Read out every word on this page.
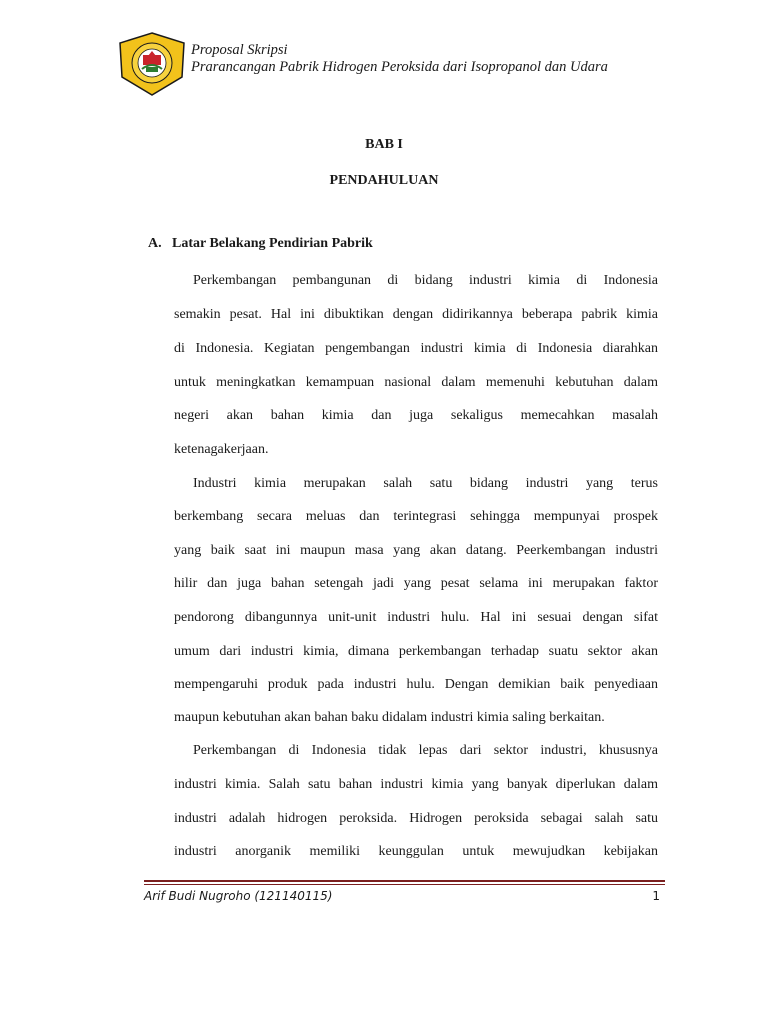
Proposal Skripsi
Prarancangan Pabrik Hidrogen Peroksida dari Isopropanol dan Udara
BAB I
PENDAHULUAN
A. Latar Belakang Pendirian Pabrik
Perkembangan pembangunan di bidang industri kimia di Indonesia
semakin pesat. Hal ini dibuktikan dengan didirikannya beberapa pabrik kimia
di Indonesia. Kegiatan pengembangan industri kimia di Indonesia diarahkan
untuk meningkatkan kemampuan nasional dalam memenuhi kebutuhan dalam
negeri akan bahan kimia dan juga sekaligus memecahkan masalah
ketenagakerjaan.
Industri kimia merupakan salah satu bidang industri yang terus
berkembang secara meluas dan terintegrasi sehingga mempunyai prospek
yang baik saat ini maupun masa yang akan datang. Peerkembangan industri
hilir dan juga bahan setengah jadi yang pesat selama ini merupakan faktor
pendorong dibangunnya unit-unit industri hulu. Hal ini sesuai dengan sifat
umum dari industri kimia, dimana perkembangan terhadap suatu sektor akan
mempengaruhi produk pada industri hulu. Dengan demikian baik penyediaan
maupun kebutuhan akan bahan baku didalam industri kimia saling berkaitan.
Perkembangan di Indonesia tidak lepas dari sektor industri, khususnya
industri kimia. Salah satu bahan industri kimia yang banyak diperlukan dalam
industri adalah hidrogen peroksida. Hidrogen peroksida sebagai salah satu
industri anorganik memiliki keunggulan untuk mewujudkan kebijakan
Arif Budi Nugroho (121140115)	1
